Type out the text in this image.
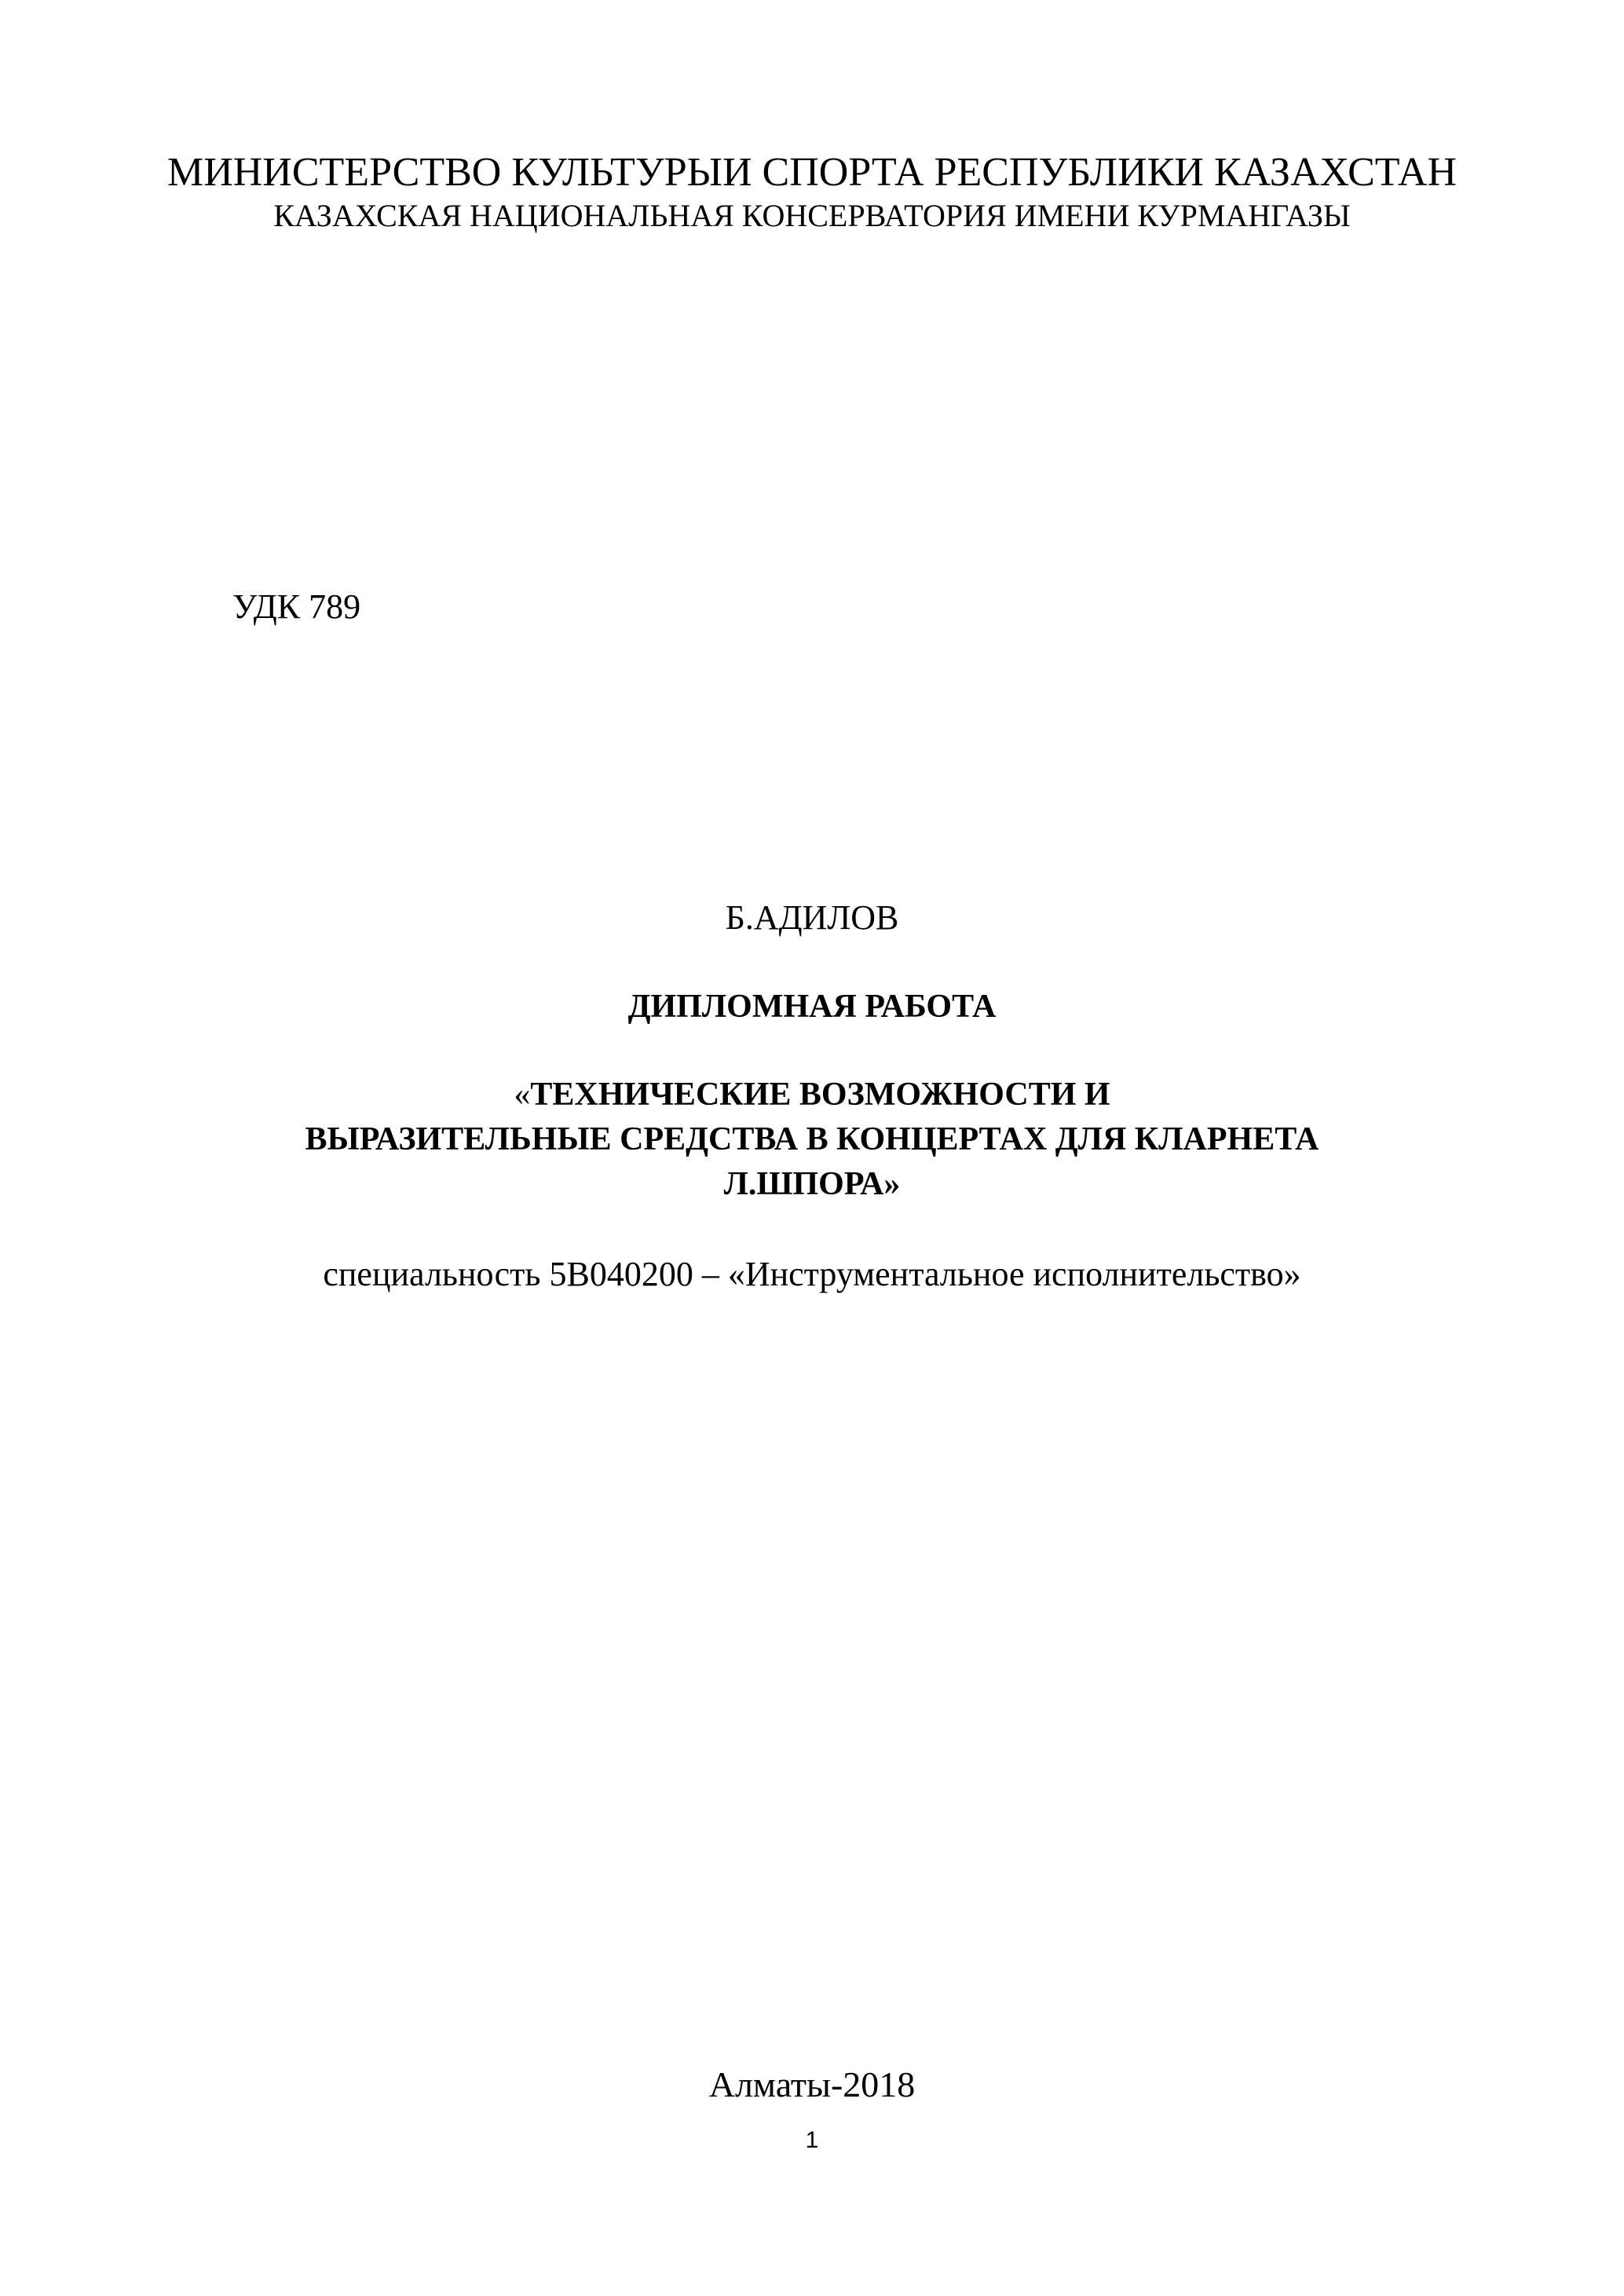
МИНИСТЕРСТВО КУЛЬТУРЫИ СПОРТА РЕСПУБЛИКИ КАЗАХСТАН

КАЗАХСКАЯ НАЦИОНАЛЬНАЯ КОНСЕРВАТОРИЯ ИМЕНИ КУРМАНГАЗЫ

УДК 789

Б.АДИЛОВ

ДИПЛОМНАЯ РАБОТА

«ТЕХНИЧЕСКИЕ ВОЗМОЖНОСТИ И
ВЫРАЗИТЕЛЬНЫЕ СРЕДСТВА В КОНЦЕРТАХ ДЛЯ КЛАРНЕТА
Л.ШПОРА»

специальность 5В040200 – «Инструментальное исполнительство»

Алматы-2018

1
